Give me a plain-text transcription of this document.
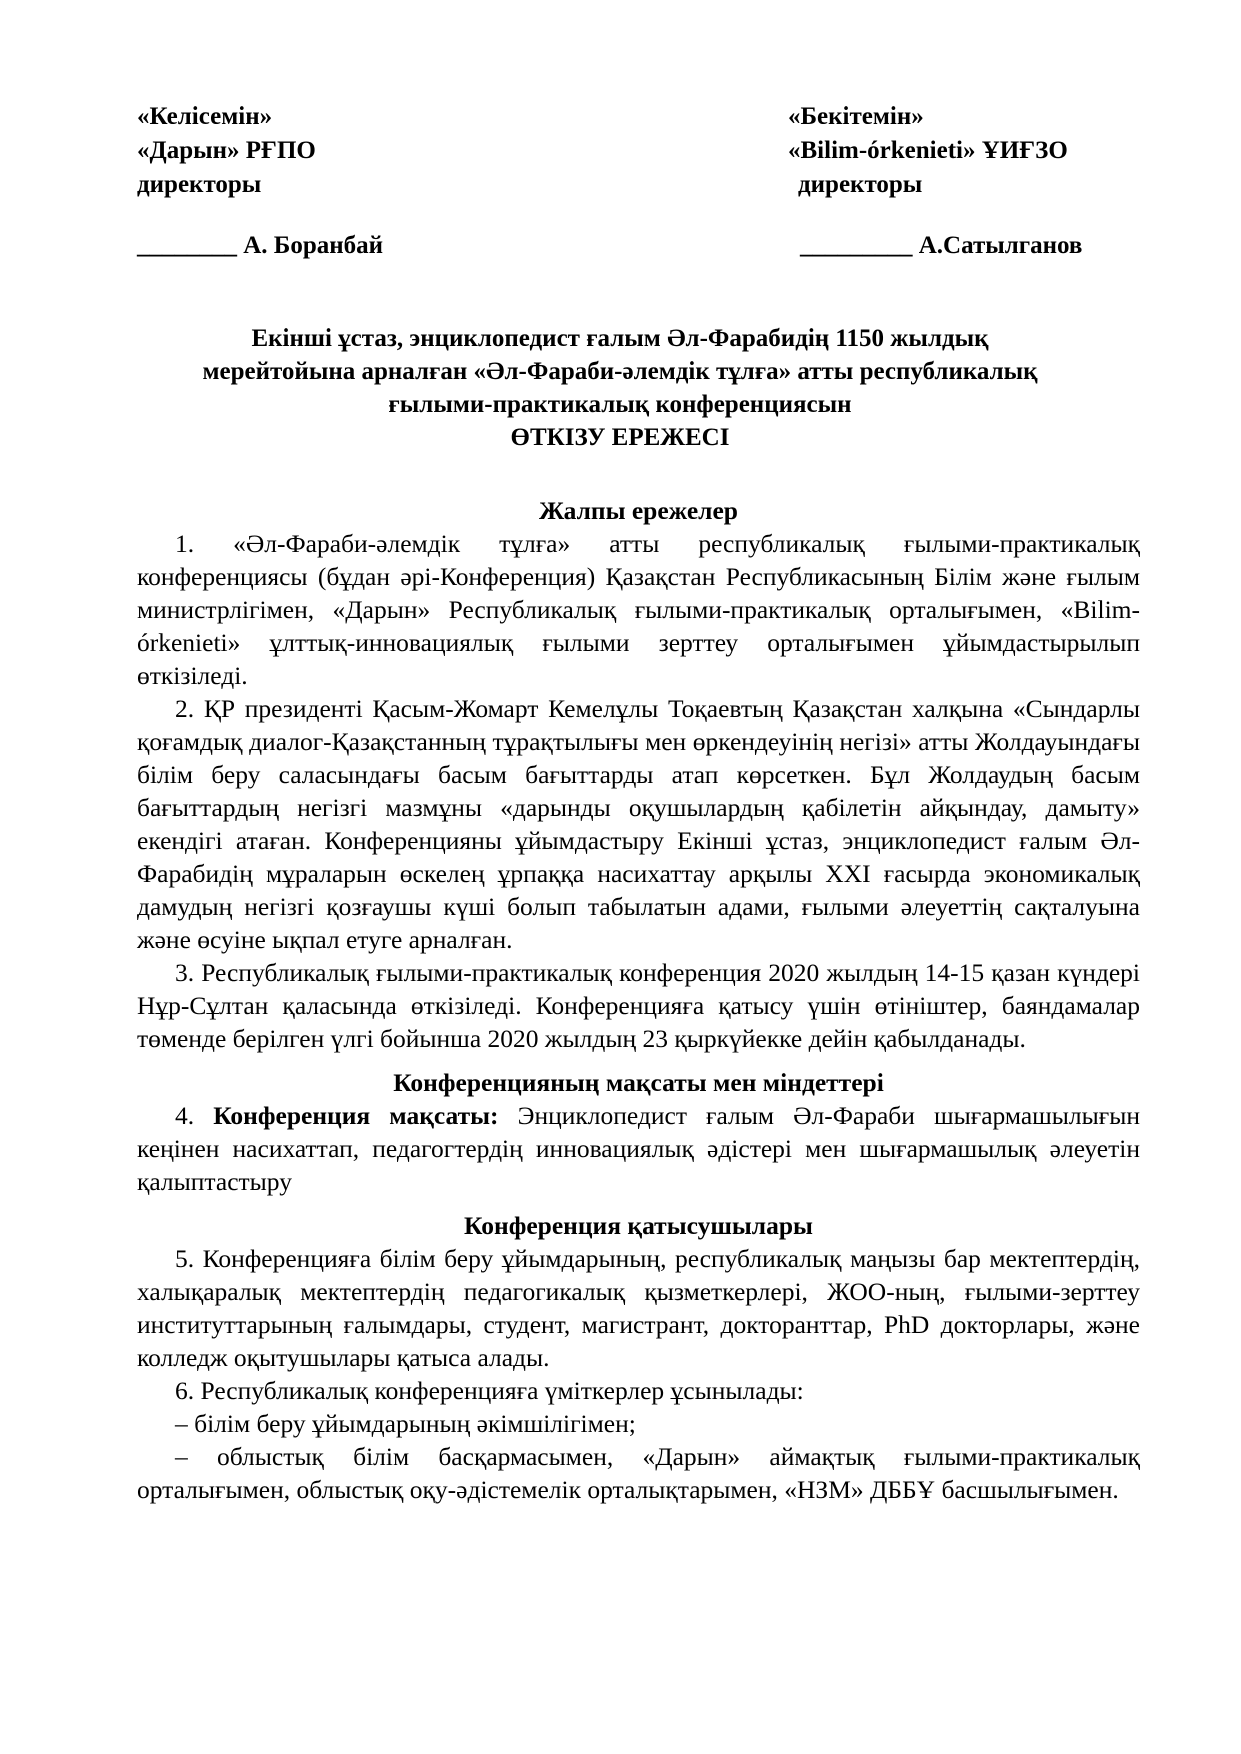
«Келісемін»
«Дарын» РҒПО
директоры
________ А. Боранбай
«Бекітемін»
«Bilim-órkenieti» ҰИҒЗО
директоры
_________ А.Сатылганов
Екінші ұстаз, энциклопедист ғалым Әл-Фарабидің 1150 жылдық
мерейтойына арналған «Әл-Фараби-әлемдік тұлға» атты республикалық
ғылыми-практикалық конференциясын
ӨТКІЗУ ЕРЕЖЕСІ
Жалпы ережелер

1. «Әл-Фараби-әлемдік тұлға» атты республикалық ғылыми-практикалық конференциясы (бұдан әрі-Конференция) Қазақстан Республикасының Білім және ғылым министрлігімен, «Дарын» Республикалық ғылыми-практикалық орталығымен, «Bilim-órkenieti» ұлттық-инновациялық ғылыми зерттеу орталығымен ұйымдастырылып өткізіледі.

2. ҚР президенті Қасым-Жомарт Кемелұлы Тоқаевтың Қазақстан халқына «Сындарлы қоғамдық диалог-Қазақстанның тұрақтылығы мен өркендеуінің негізі» атты Жолдауындағы білім беру саласындағы басым бағыттарды атап көрсеткен. Бұл Жолдаудың басым бағыттардың негізгі мазмұны «дарынды оқушылардың қабілетін айқындау, дамыту» екендігі атаған. Конференцияны ұйымдастыру Екінші ұстаз, энциклопедист ғалым Әл-Фарабидің мұраларын өскелең ұрпаққа насихаттау арқылы XXI ғасырда экономикалық дамудың негізгі қозғаушы күші болып табылатын адами, ғылыми әлеуеттің сақталуына және өсуіне ықпал етуге арналған.

3. Республикалық ғылыми-практикалық конференция 2020 жылдың 14-15 қазан күндері Нұр-Сұлтан қаласында өткізіледі. Конференцияға қатысу үшін өтініштер, баяндамалар төменде берілген үлгі бойынша 2020 жылдың 23 қыркүйекке дейін қабылданады.

Конференцияның мақсаты мен міндеттері

4. Конференция мақсаты: Энциклопедист ғалым Әл-Фараби шығармашылығын кеңінен насихаттап, педагогтердің инновациялық әдістері мен шығармашылық әлеуетін қалыптастыру

Конференция қатысушылары

5. Конференцияға білім беру ұйымдарының, республикалық маңызы бар мектептердің, халықаралық мектептердің педагогикалық қызметкерлері, ЖОО-ның, ғылыми-зерттеу институттарының ғалымдары, студент, магистрант, докторанттар, PhD докторлары, және колледж оқытушылары қатыса алады.

6. Республикалық конференцияға үміткерлер ұсынылады:

– білім беру ұйымдарының әкімшілігімен;

– облыстық білім басқармасымен, «Дарын» аймақтық ғылыми-практикалық орталығымен, облыстық оқу-әдістемелік орталықтарымен, «НЗМ» ДББҰ басшылығымен.
